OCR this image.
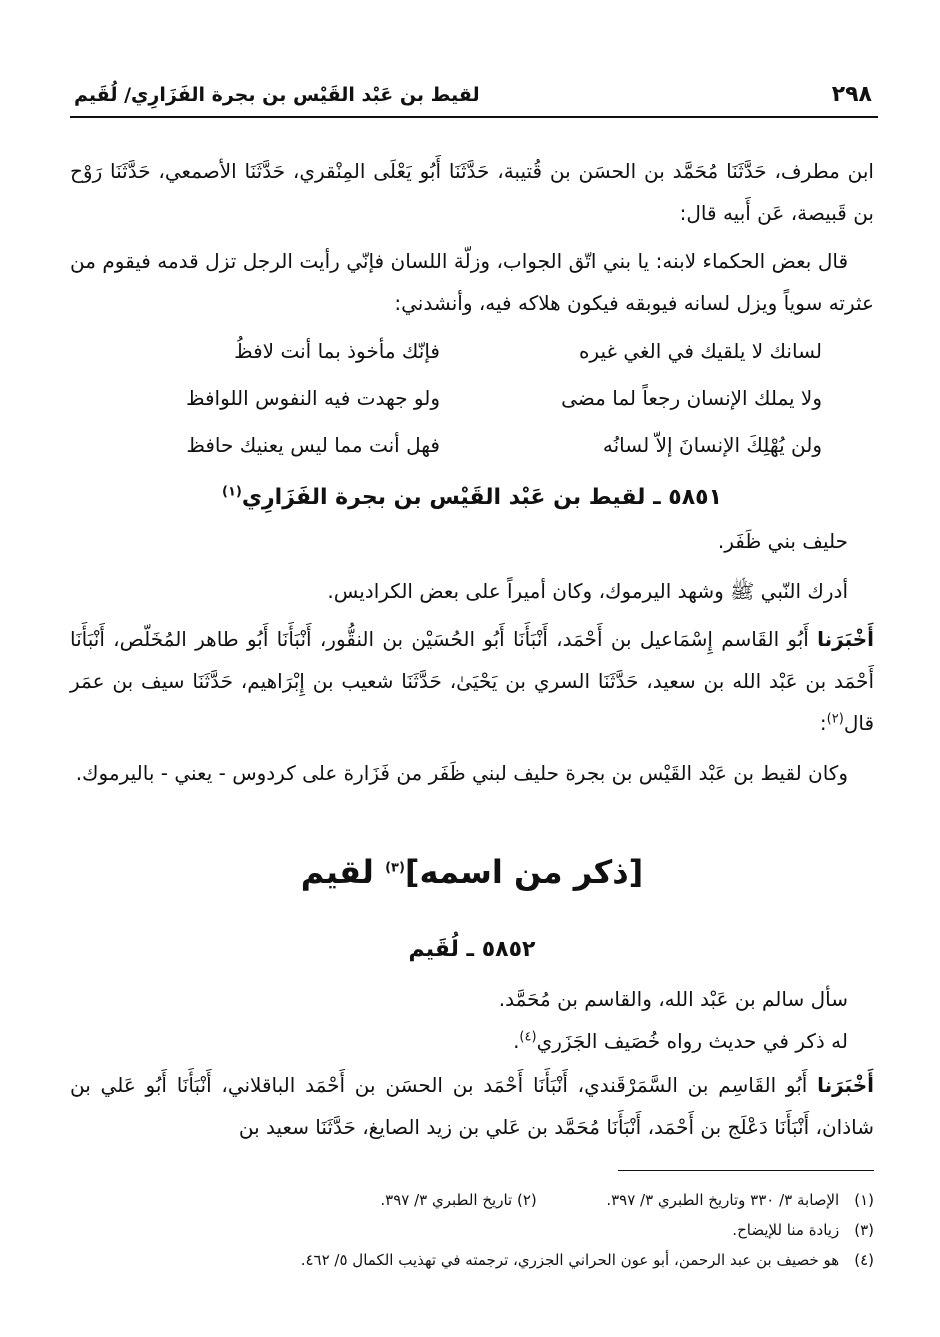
٢٩٨
لقيط بن عَبْد القَيْس بن بجرة الفَزَارِي/ لُقَيم

ابن مطرف، حَدَّثَنَا مُحَمَّد بن الحسَن بن قُتيبة، حَدَّثَنَا أَبُو يَعْلَى المِنْقري، حَدَّثَنَا الأصمعي، حَدَّثَنَا رَوْح بن قَبيصة، عَن أَبيه قال:

قال بعض الحكماء لابنه: يا بني اتّق الجواب، وزلّة اللسان فإنّي رأيت الرجل تزل قدمه فيقوم من عثرته سوياً ويزل لسانه فيوبقه فيكون هلاكه فيه، وأنشدني:

لسانك لا يلقيك في الغي غيره
فإنّك مأخوذ بما أنت لافظُ
ولا يملك الإنسان رجعاً لما مضى
ولو جهدت فيه النفوس اللوافظ
ولن يُهْلِكَ الإنسانَ إلاّ لسانُه
فهل أنت مما ليس يعنيك حافظ
٥٨٥١ ـ لقيط بن عَبْد القَيْس بن بجرة الفَزَارِي$^{(١)}$

حليف بني ظَفَر.

أدرك النّبي ﷺ وشهد اليرموك، وكان أميراً على بعض الكراديس.

أَخْبَرَنا أَبُو القَاسم إِسْمَاعيل بن أَحْمَد، أَنْبَأَنَا أَبُو الحُسَيْن بن النقُّور، أَنْبَأَنَا أَبُو طاهر المُخَلّص، أَنْبَأَنَا أَحْمَد بن عَبْد الله بن سعيد، حَدَّثَنَا السري بن يَحْيَىٰ، حَدَّثَنَا شعيب بن إِبْرَاهيم، حَدَّثَنَا سيف بن عمَر قال$^{(٢)}$:

وكان لقيط بن عَبْد القَيْس بن بجرة حليف لبني ظَفَر من فَزَارة على كردوس - يعني - باليرموك.

[ذكر من اسمه]$^{(٣)}$ لقيم
٥٨٥٢ ـ لُقَيم

سأل سالم بن عَبْد الله، والقاسم بن مُحَمَّد.

له ذكر في حديث رواه خُصَيف الجَزَري$^{(٤)}$.

أَخْبَرَنا أَبُو القَاسِم بن السَّمَرْقَندي، أَنْبَأَنَا أَحْمَد بن الحسَن بن أَحْمَد الباقلاني، أَنْبَأَنَا أَبُو عَلي بن شاذان، أَنْبَأَنَا دَعْلَج بن أَحْمَد، أَنْبَأَنَا مُحَمَّد بن عَلي بن زيد الصايغ، حَدَّثَنَا سعيد بن

(١) الإصابة ٣/ ٣٣٠ وتاريخ الطبري ٣/ ٣٩٧.  (٢) تاريخ الطبري ٣/ ٣٩٧.
(٣) زيادة منا للإيضاح.
(٤) هو خصيف بن عبد الرحمن، أبو عون الحراني الجزري، ترجمته في تهذيب الكمال ٥/ ٤٦٢.
